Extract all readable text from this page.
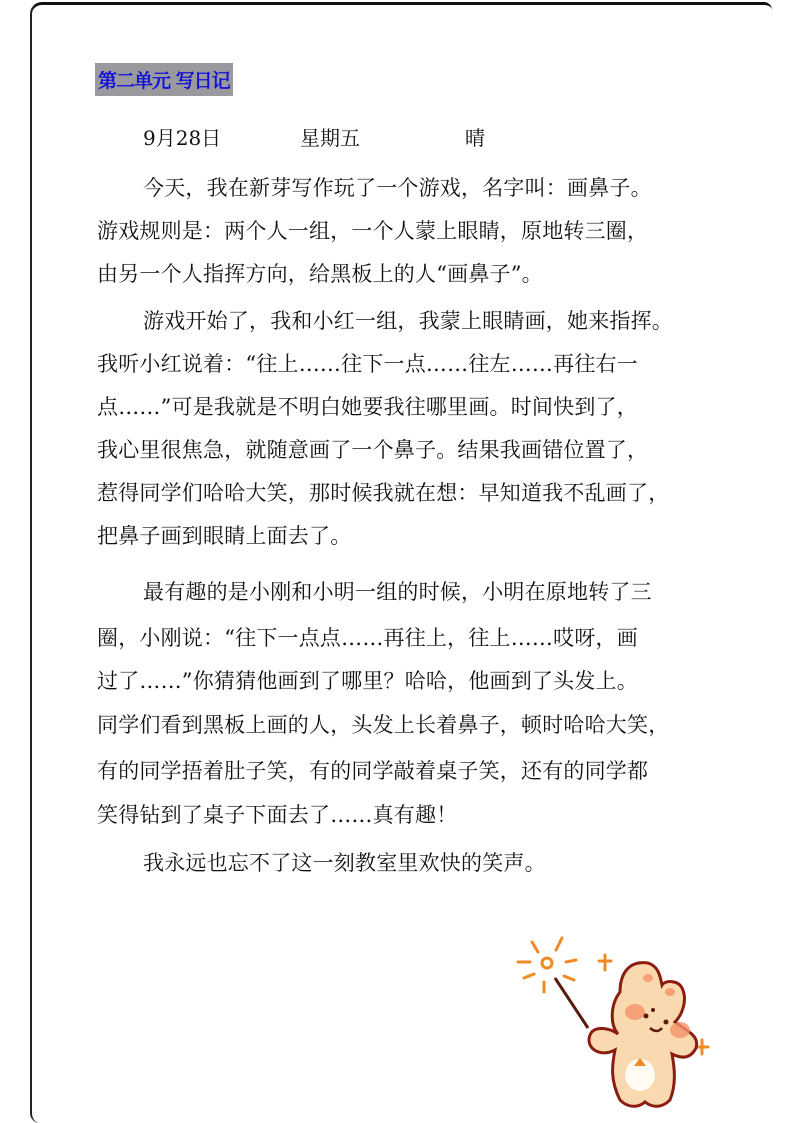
第二单元 写日记
9月28日	星期五	晴
今天，我在新芽写作玩了一个游戏，名字叫：画鼻子。
游戏规则是：两个人一组，一个人蒙上眼睛，原地转三圈，
由另一个人指挥方向，给黑板上的人“画鼻子”。
游戏开始了，我和小红一组，我蒙上眼睛画，她来指挥。
我听小红说着：“往上……往下一点……往左……再往右一
点……”可是我就是不明白她要我往哪里画。时间快到了，
我心里很焦急，就随意画了一个鼻子。结果我画错位置了，
惹得同学们哈哈大笑，那时候我就在想：早知道我不乱画了，
把鼻子画到眼睛上面去了。
最有趣的是小刚和小明一组的时候，小明在原地转了三
圈，小刚说：“往下一点点……再往上，往上……哎呀，画
过了……”你猜猜他画到了哪里？哈哈，他画到了头发上。
同学们看到黑板上画的人，头发上长着鼻子，顿时哈哈大笑，
有的同学捂着肚子笑，有的同学敲着桌子笑，还有的同学都
笑得钻到了桌子下面去了……真有趣！
我永远也忘不了这一刻教室里欢快的笑声。
